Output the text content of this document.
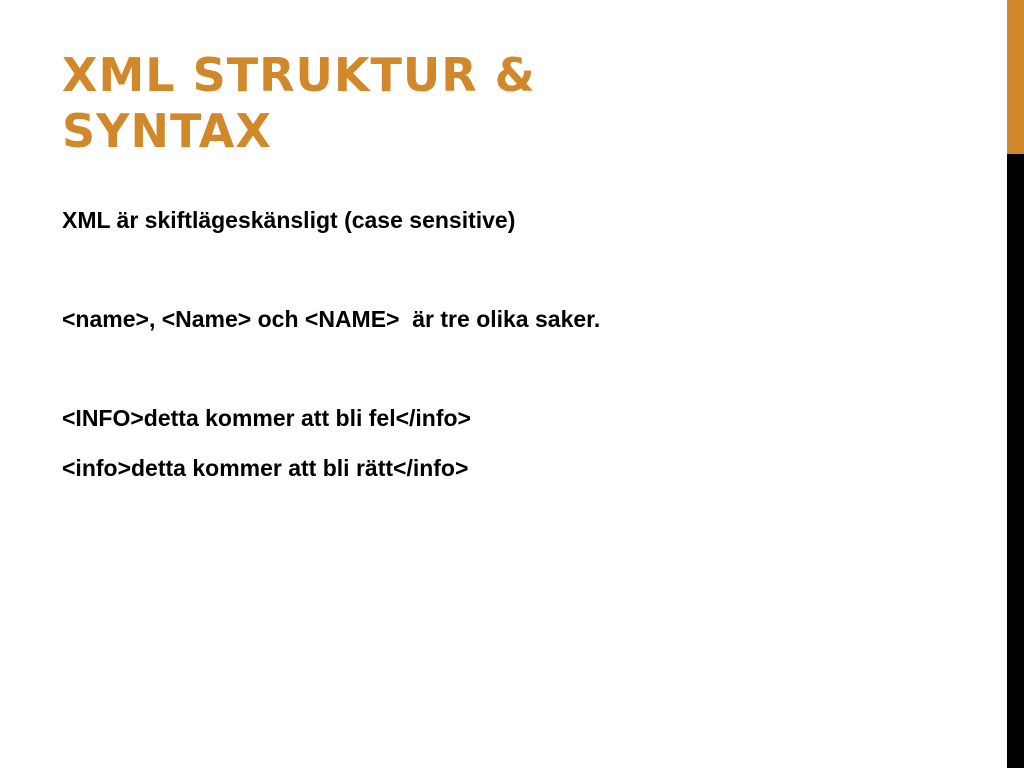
XML STRUKTUR & SYNTAX

XML är skiftlägeskänsligt (case sensitive)

<name>, <Name> och <NAME>  är tre olika saker.

<INFO>detta kommer att bli fel</info>

<info>detta kommer att bli rätt</info>
